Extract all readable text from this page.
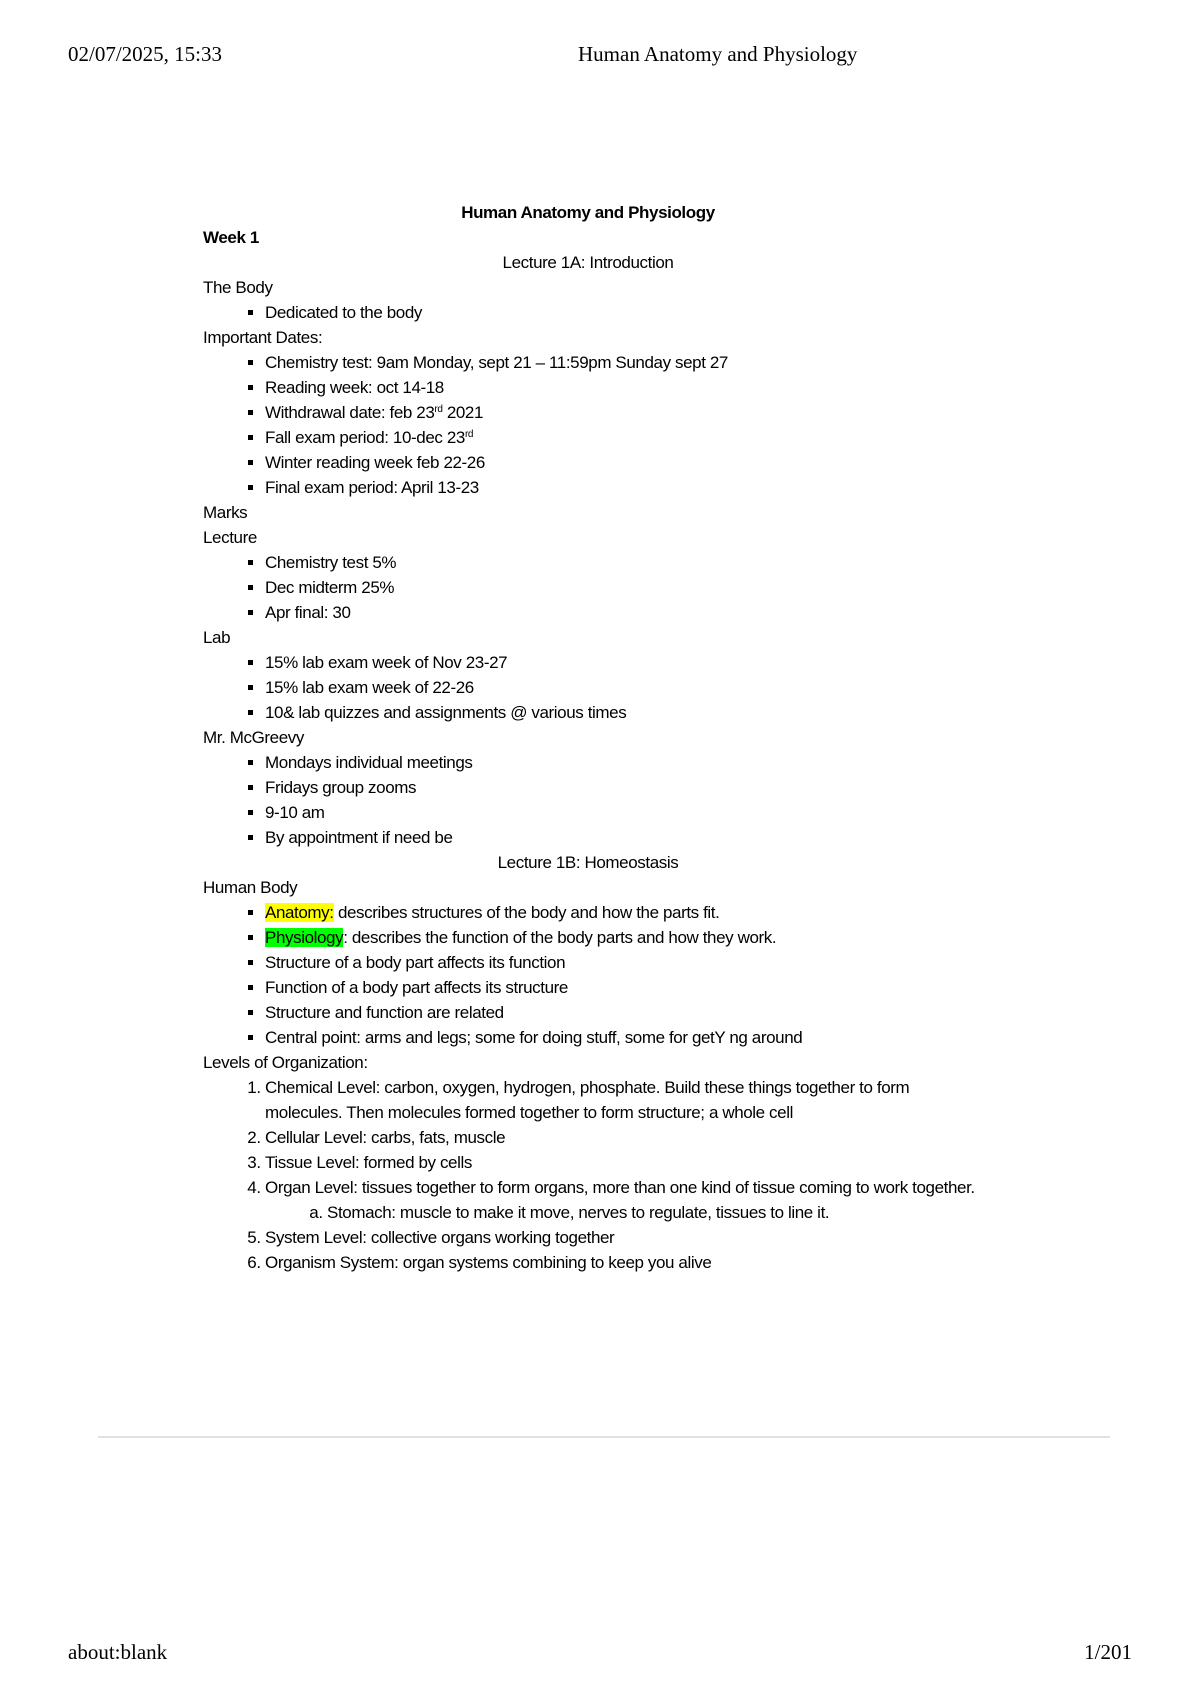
02/07/2025, 15:33	Human Anatomy and Physiology
Human Anatomy and Physiology
Week 1
Lecture 1A: Introduction
The Body
▪ Dedicated to the body
Important Dates:
▪ Chemistry test: 9am Monday, sept 21 – 11:59pm Sunday sept 27
▪ Reading week: oct 14-18
▪ Withdrawal date: feb 23rd 2021
▪ Fall exam period: 10-dec 23rd
▪ Winter reading week feb 22-26
▪ Final exam period: April 13-23
Marks
Lecture
▪ Chemistry test 5%
▪ Dec midterm 25%
▪ Apr final: 30
Lab
▪ 15% lab exam week of Nov 23-27
▪ 15% lab exam week of 22-26
▪ 10& lab quizzes and assignments @ various times
Mr. McGreevy
▪ Mondays individual meetings
▪ Fridays group zooms
▪ 9-10 am
▪ By appointment if need be
Lecture 1B: Homeostasis
Human Body
▪ Anatomy: describes structures of the body and how the parts fit.
▪ Physiology: describes the function of the body parts and how they work.
▪ Structure of a body part affects its function
▪ Function of a body part affects its structure
▪ Structure and function are related
▪ Central point: arms and legs; some for doing stuff, some for getY ng around
Levels of Organization:
1. Chemical Level: carbon, oxygen, hydrogen, phosphate. Build these things together to form molecules. Then molecules formed together to form structure; a whole cell
2. Cellular Level: carbs, fats, muscle
3. Tissue Level: formed by cells
4. Organ Level: tissues together to form organs, more than one kind of tissue coming to work together.
a. Stomach: muscle to make it move, nerves to regulate, tissues to line it.
5. System Level: collective organs working together
6. Organism System: organ systems combining to keep you alive
about:blank	1/201
